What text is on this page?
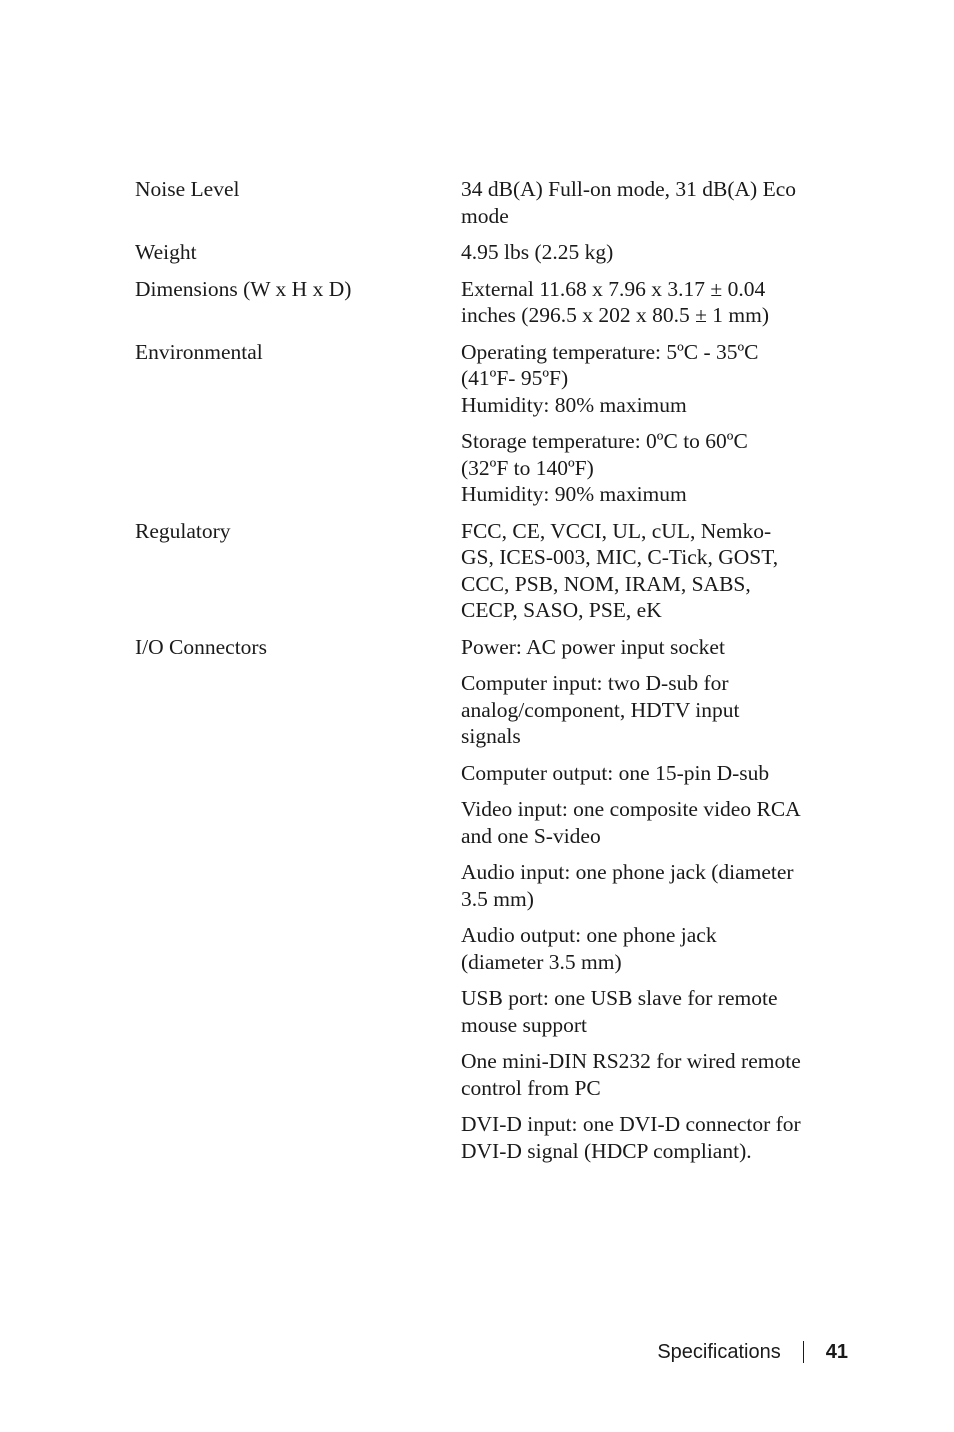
Noise Level	34 dB(A) Full-on mode, 31 dB(A) Eco
mode
Weight	4.95 lbs (2.25 kg)
Dimensions (W x H x D)	External 11.68 x 7.96 x 3.17 ± 0.04
inches (296.5 x 202 x 80.5 ± 1 mm)
Environmental	Operating temperature: 5ºC - 35ºC
(41ºF- 95ºF)
Humidity: 80% maximum
Storage temperature: 0ºC to 60ºC
(32ºF to 140ºF)
Humidity: 90% maximum
Regulatory	FCC, CE, VCCI, UL, cUL, Nemko-
GS, ICES-003, MIC, C-Tick, GOST,
CCC, PSB, NOM, IRAM, SABS,
CECP, SASO, PSE, eK
I/O Connectors	Power: AC power input socket
Computer input: two D-sub for
analog/component, HDTV input
signals
Computer output: one 15-pin D-sub
Video input: one composite video RCA
and one S-video
Audio input: one phone jack (diameter
3.5 mm)
Audio output: one phone jack
(diameter 3.5 mm)
USB port: one USB slave for remote
mouse support
One mini-DIN RS232 for wired remote
control from PC
DVI-D input: one DVI-D connector for
DVI-D signal (HDCP compliant).
Specifications 41
